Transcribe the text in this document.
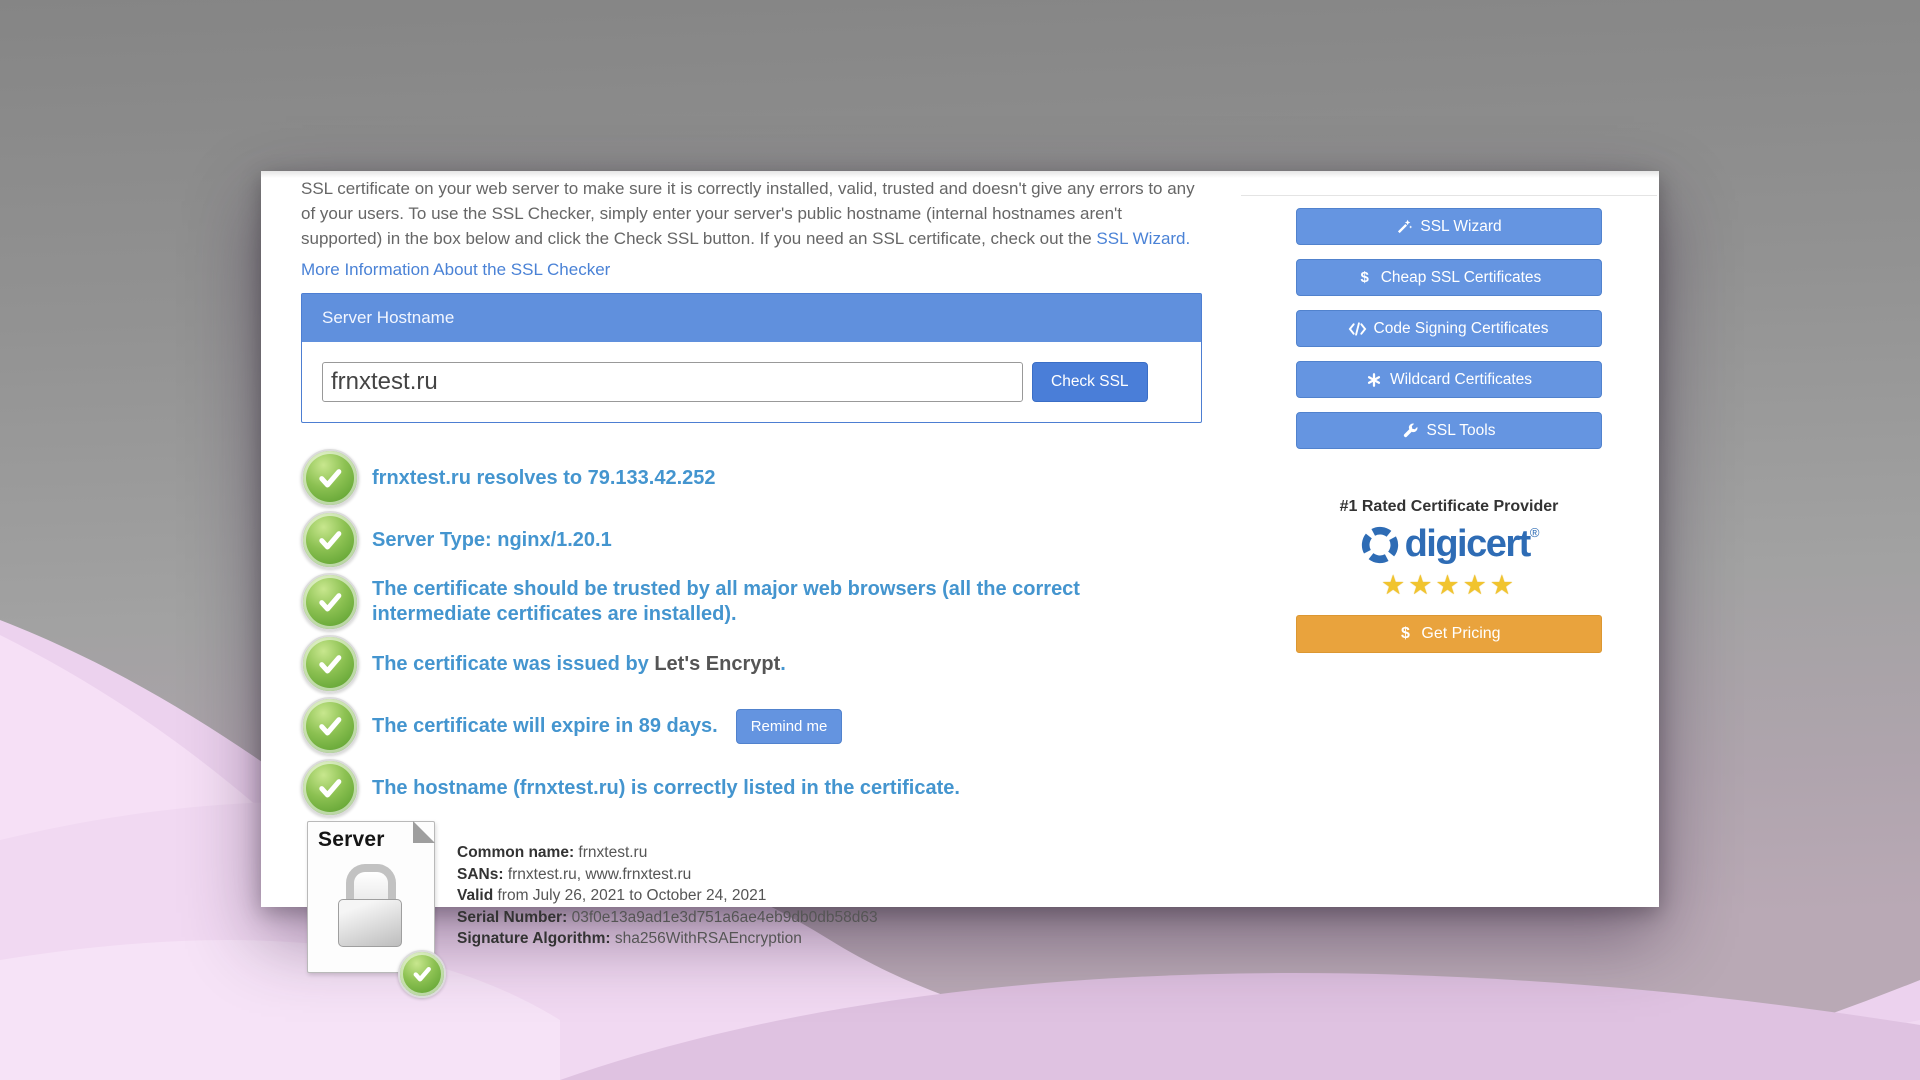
SSL certificate on your web server to make sure it is correctly installed, valid, trusted and doesn't give any errors to any of your users. To use the SSL Checker, simply enter your server's public hostname (internal hostnames aren't supported) in the box below and click the Check SSL button. If you need an SSL certificate, check out the SSL Wizard.

More Information About the SSL Checker
Server Hostname
frnxtest.ru
Check SSL
frnxtest.ru resolves to 79.133.42.252
Server Type: nginx/1.20.1
The certificate should be trusted by all major web browsers (all the correct intermediate certificates are installed).
The certificate was issued by Let's Encrypt.
The certificate will expire in 89 days.	Remind me
The hostname (frnxtest.ru) is correctly listed in the certificate.
Server
Common name: frnxtest.ru
SANs: frnxtest.ru, www.frnxtest.ru
Valid from July 26, 2021 to October 24, 2021
Serial Number: 03f0e13a9ad1e3d751a6ae4eb9db0db58d63
Signature Algorithm: sha256WithRSAEncryption
SSL Wizard
$ Cheap SSL Certificates
Code Signing Certificates
Wildcard Certificates
SSL Tools
#1 Rated Certificate Provider
digicert ®
★★★★★
$ Get Pricing
